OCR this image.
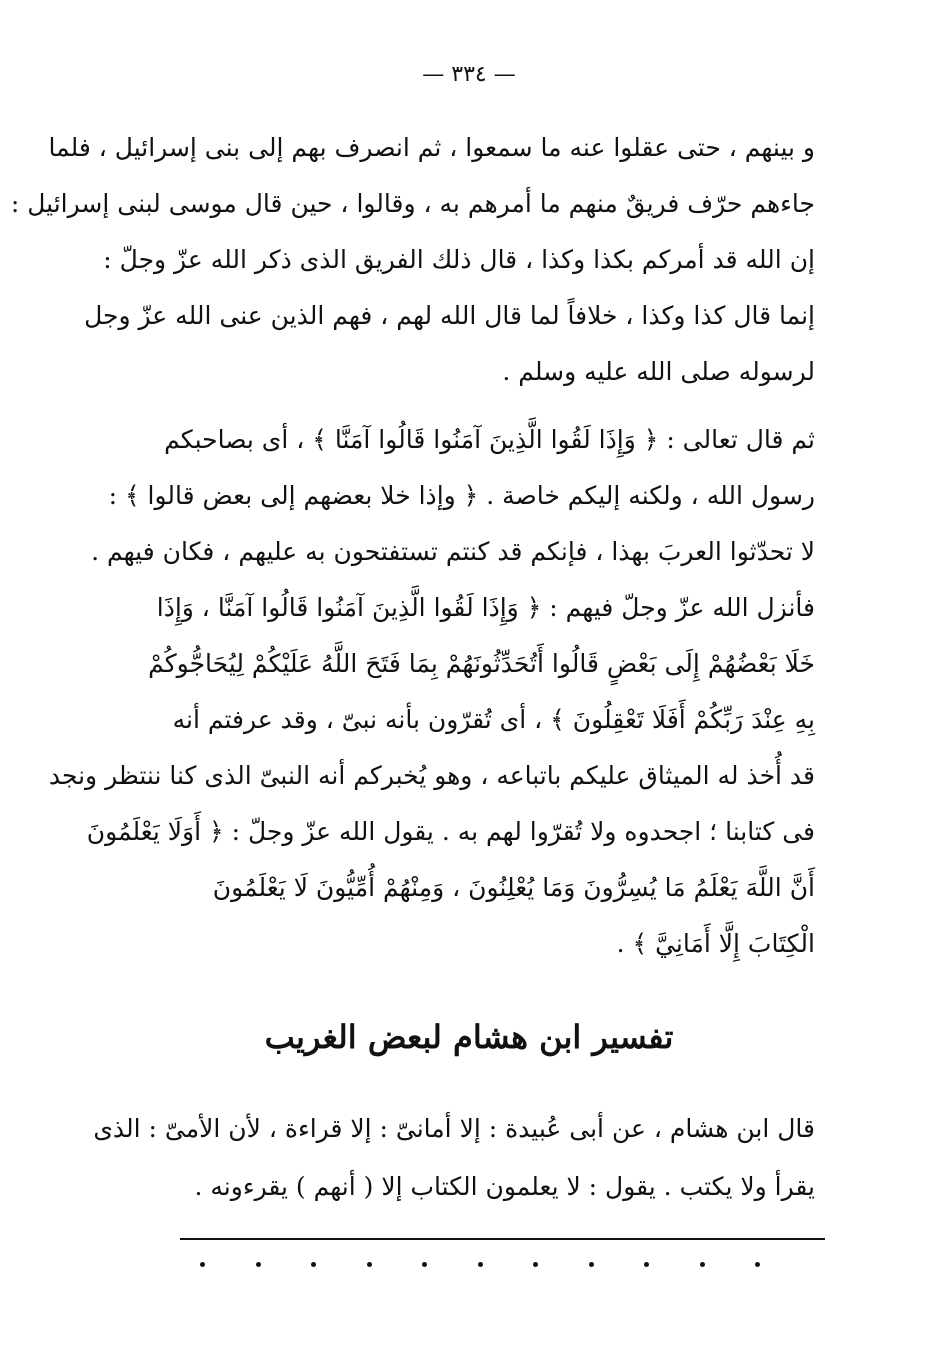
— ٣٣٤ —
و بينهم ، حتى عقلوا عنه ما سمعوا ، ثم انصرف بهم إلى بنى إسرائيل ، فلما
جاءهم حرّف فريقٌ منهم ما أمرهم به ، وقالوا ، حين قال موسى لبنى إسرائيل :
إن الله قد أمركم بكذا وكذا ، قال ذلك الفريق الذى ذكر الله عزّ وجلّ :
إنما قال كذا وكذا ، خلافاً لما قال الله لهم ، فهم الذين عنى الله عزّ وجل
لرسوله صلى الله عليه وسلم .
ثم قال تعالى : ﴿ وَإِذَا لَقُوا الَّذِينَ آمَنُوا قَالُوا آمَنَّا ﴾ ، أى بصاحبكم
رسول الله ، ولكنه إليكم خاصة . ﴿ وإذا خلا بعضهم إلى بعض قالوا ﴾ :
لا تحدّثوا العربَ بهذا ، فإنكم قد كنتم تستفتحون به عليهم ، فكان فيهم .
فأنزل الله عزّ وجلّ فيهم : ﴿ وَإِذَا لَقُوا الَّذِينَ آمَنُوا قَالُوا آمَنَّا ، وَإِذَا
خَلَا بَعْضُهُمْ إِلَى بَعْضٍ قَالُوا أَتُحَدِّثُونَهُمْ بِمَا فَتَحَ اللَّهُ عَلَيْكُمْ لِيُحَاجُّوكُمْ
بِهِ عِنْدَ رَبِّكُمْ أَفَلَا تَعْقِلُونَ ﴾ ، أى تُقرّون بأنه نبىّ ، وقد عرفتم أنه
قد أُخذ له الميثاق عليكم باتباعه ، وهو يُخبركم أنه النبىّ الذى كنا ننتظر ونجد
فى كتابنا ؛ اجحدوه ولا تُقرّوا لهم به . يقول الله عزّ وجلّ : ﴿ أَوَلَا يَعْلَمُونَ
أَنَّ اللَّهَ يَعْلَمُ مَا يُسِرُّونَ وَمَا يُعْلِنُونَ ، وَمِنْهُمْ أُمِّيُّونَ لَا يَعْلَمُونَ
الْكِتَابَ إِلَّا أَمَانِيَّ ﴾ .
تفسير ابن هشام لبعض الغريب
قال ابن هشام ، عن أبى عُبيدة : إلا أمانىّ : إلا قراءة ، لأن الأمىّ : الذى
يقرأ ولا يكتب . يقول : لا يعلمون الكتاب إلا ( أنهم ) يقرءونه .
